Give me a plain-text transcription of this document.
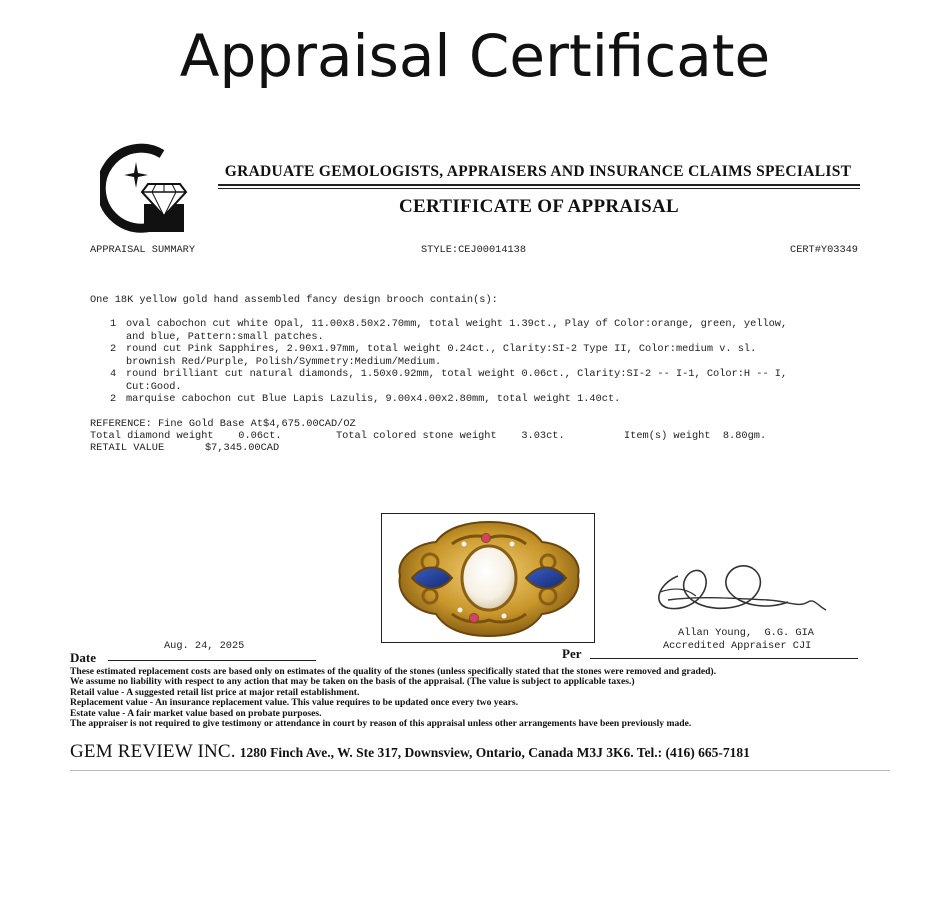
Appraisal Certificate
GRADUATE GEMOLOGISTS, APPRAISERS AND INSURANCE CLAIMS SPECIALIST
CERTIFICATE OF APPRAISAL
APPRAISAL SUMMARY	STYLE:CEJ00014138	CERT#Y03349
One 18K yellow gold hand assembled fancy design brooch contain(s):
1 oval cabochon cut white Opal, 11.00x8.50x2.70mm, total weight 1.39ct., Play of Color:orange, green, yellow,
and blue, Pattern:small patches.
2 round cut Pink Sapphires, 2.90x1.97mm, total weight 0.24ct., Clarity:SI-2 Type II, Color:medium v. sl.
brownish Red/Purple, Polish/Symmetry:Medium/Medium.
4 round brilliant cut natural diamonds, 1.50x0.92mm, total weight 0.06ct., Clarity:SI-2 -- I-1, Color:H -- I,
Cut:Good.
2 marquise cabochon cut Blue Lapis Lazulis, 9.00x4.00x2.80mm, total weight 1.40ct.
REFERENCE: Fine Gold Base At$4,675.00CAD/OZ
Total diamond weight    0.06ct.	Total colored stone weight    3.03ct.	Item(s) weight  8.80gm.
RETAIL VALUE	$7,345.00CAD
Allan Young,  G.G. GIA
Accredited Appraiser CJI
Aug. 24, 2025
Date	Per
These estimated replacement costs are based only on estimates of the quality of the stones (unless specifically stated that the stones were removed and graded).
We assume no liability with respect to any action that may be taken on the basis of the appraisal. (The value is subject to applicable taxes.)
Retail value - A suggested retail list price at major retail establishment.
Replacement value - An insurance replacement value. This value requires to be updated once every two years.
Estate value - A fair market value based on probate purposes.
The appraiser is not required to give testimony or attendance in court by reason of this appraisal unless other arrangements have been previously made.
GEM REVIEW INC. 1280 Finch Ave., W. Ste 317, Downsview, Ontario, Canada M3J 3K6. Tel.: (416) 665-7181
